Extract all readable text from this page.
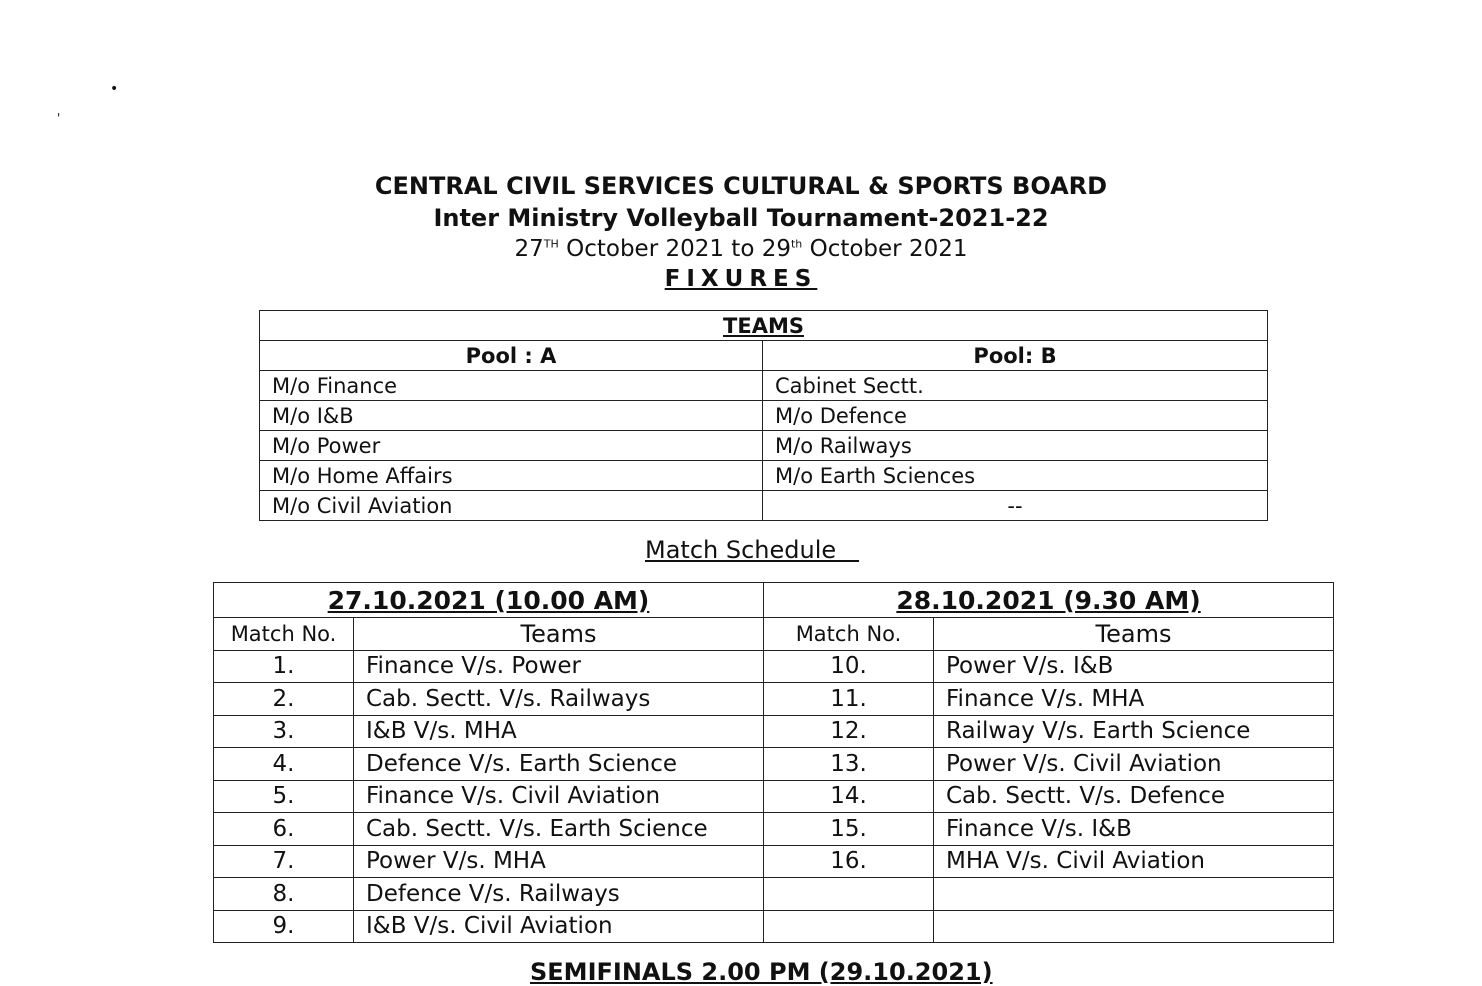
•
'
CENTRAL CIVIL SERVICES CULTURAL & SPORTS BOARD
Inter Ministry Volleyball Tournament-2021-22
27TH October 2021 to 29th October 2021
FIXURES
TEAMS	
Pool : A	Pool: B
M/o Finance	Cabinet Sectt.
M/o I&B	M/o Defence
M/o Power	M/o Railways
M/o Home Affairs	M/o Earth Sciences
M/o Civil Aviation	--
Match Schedule
27.10.2021 (10.00 AM)		28.10.2021 (9.30 AM)	
Match No.	Teams	Match No.	Teams
1.	Finance V/s. Power	10.	Power V/s. I&B
2.	Cab. Sectt. V/s. Railways	11.	Finance V/s. MHA
3.	I&B V/s. MHA	12.	Railway V/s. Earth Science
4.	Defence V/s. Earth Science	13.	Power V/s. Civil Aviation
5.	Finance V/s. Civil Aviation	14.	Cab. Sectt. V/s. Defence
6.	Cab. Sectt. V/s. Earth Science	15.	Finance V/s. I&B
7.	Power V/s. MHA	16.	MHA V/s. Civil Aviation
8.	Defence V/s. Railways		
9.	I&B V/s. Civil Aviation		
SEMIFINALS 2.00 PM (29.10.2021)
